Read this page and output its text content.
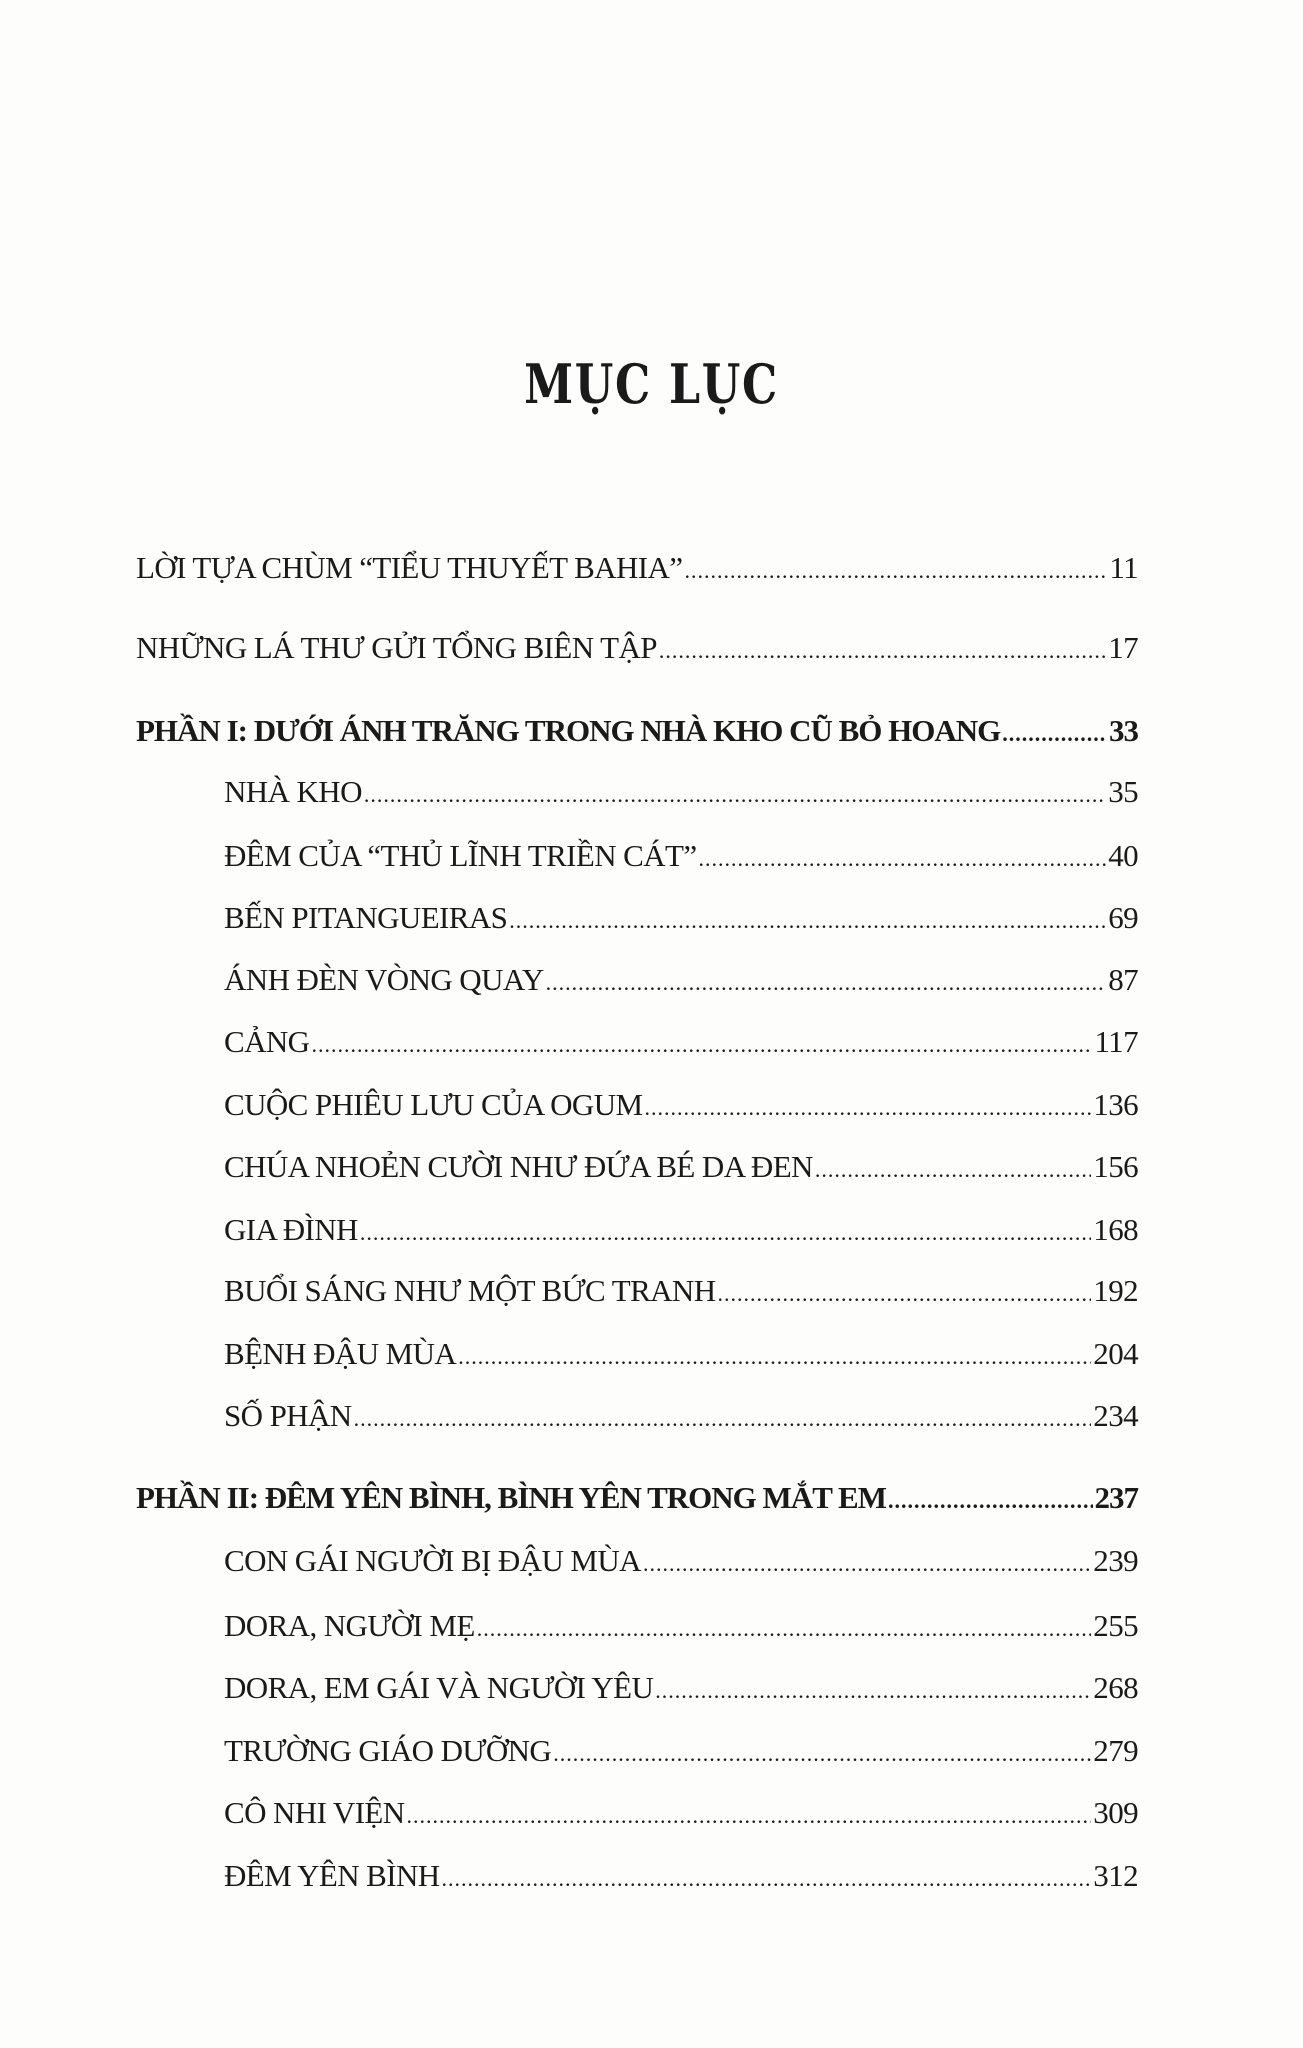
MỤC LỤC
LỜI TỰA CHÙM “TIỂU THUYẾT BAHIA” .....	11
NHỮNG LÁ THƯ GỬI TỔNG BIÊN TẬP .....	17
PHẦN I: DƯỚI ÁNH TRĂNG TRONG NHÀ KHO CŨ BỎ HOANG .....	33
NHÀ KHO .....	35
ĐÊM CỦA “THỦ LĨNH TRIỀN CÁT” .....	40
BẾN PITANGUEIRAS .....	69
ÁNH ĐÈN VÒNG QUAY .....	87
CẢNG .....	117
CUỘC PHIÊU LƯU CỦA OGUM .....	136
CHÚA NHOẺN CƯỜI NHƯ ĐỨA BÉ DA ĐEN .....	156
GIA ĐÌNH .....	168
BUỔI SÁNG NHƯ MỘT BỨC TRANH .....	192
BỆNH ĐẬU MÙA .....	204
SỐ PHẬN .....	234
PHẦN II: ĐÊM YÊN BÌNH, BÌNH YÊN TRONG MẮT EM .....	237
CON GÁI NGƯỜI BỊ ĐẬU MÙA .....	239
DORA, NGƯỜI MẸ .....	255
DORA, EM GÁI VÀ NGƯỜI YÊU .....	268
TRƯỜNG GIÁO DƯỠNG .....	279
CÔ NHI VIỆN .....	309
ĐÊM YÊN BÌNH .....	312
